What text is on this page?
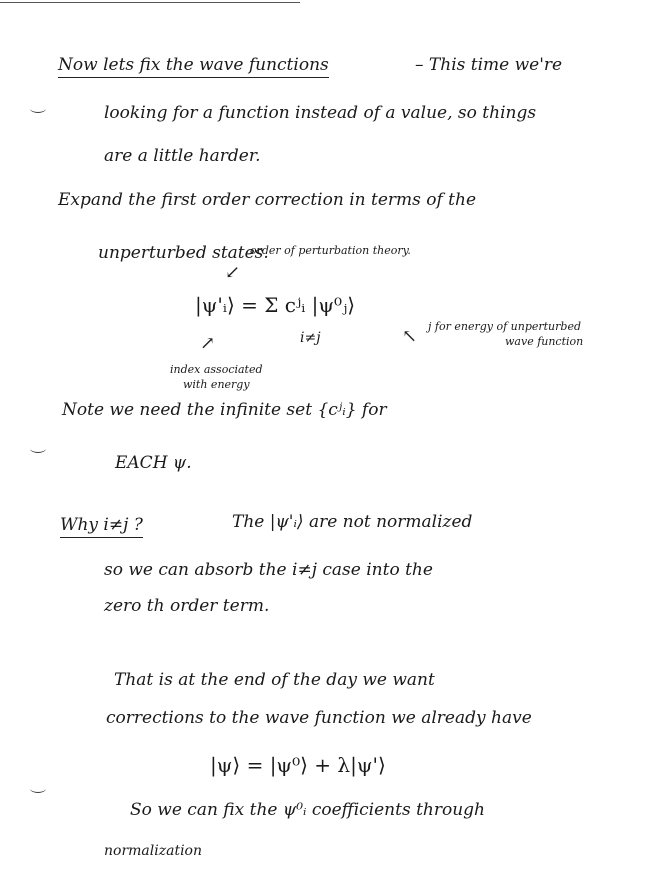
Now lets fix the wave functions	– This time we're
looking for a function instead of a value, so things
are a little harder.
Expand the first order correction in terms of the
unperturbed states.
order of perturbation theory.
↙
|ψ'ᵢ⟩ = Σ cʲᵢ |ψ⁰ⱼ⟩
i≠j	↖ j for energy of unperturbed
wave function
↗
index associated
with energy
Note we need the infinite set {cʲᵢ} for
EACH ψ.
Why i≠j ?	The |ψ'ᵢ⟩ are not normalized
so we can absorb the i≠j case into the
zero th order term.
That is at the end of the day we want
corrections to the wave function we already have
|ψ⟩ = |ψ⁰⟩ + λ|ψ'⟩
So we can fix the ψ⁰ᵢ coefficients through
normalization
